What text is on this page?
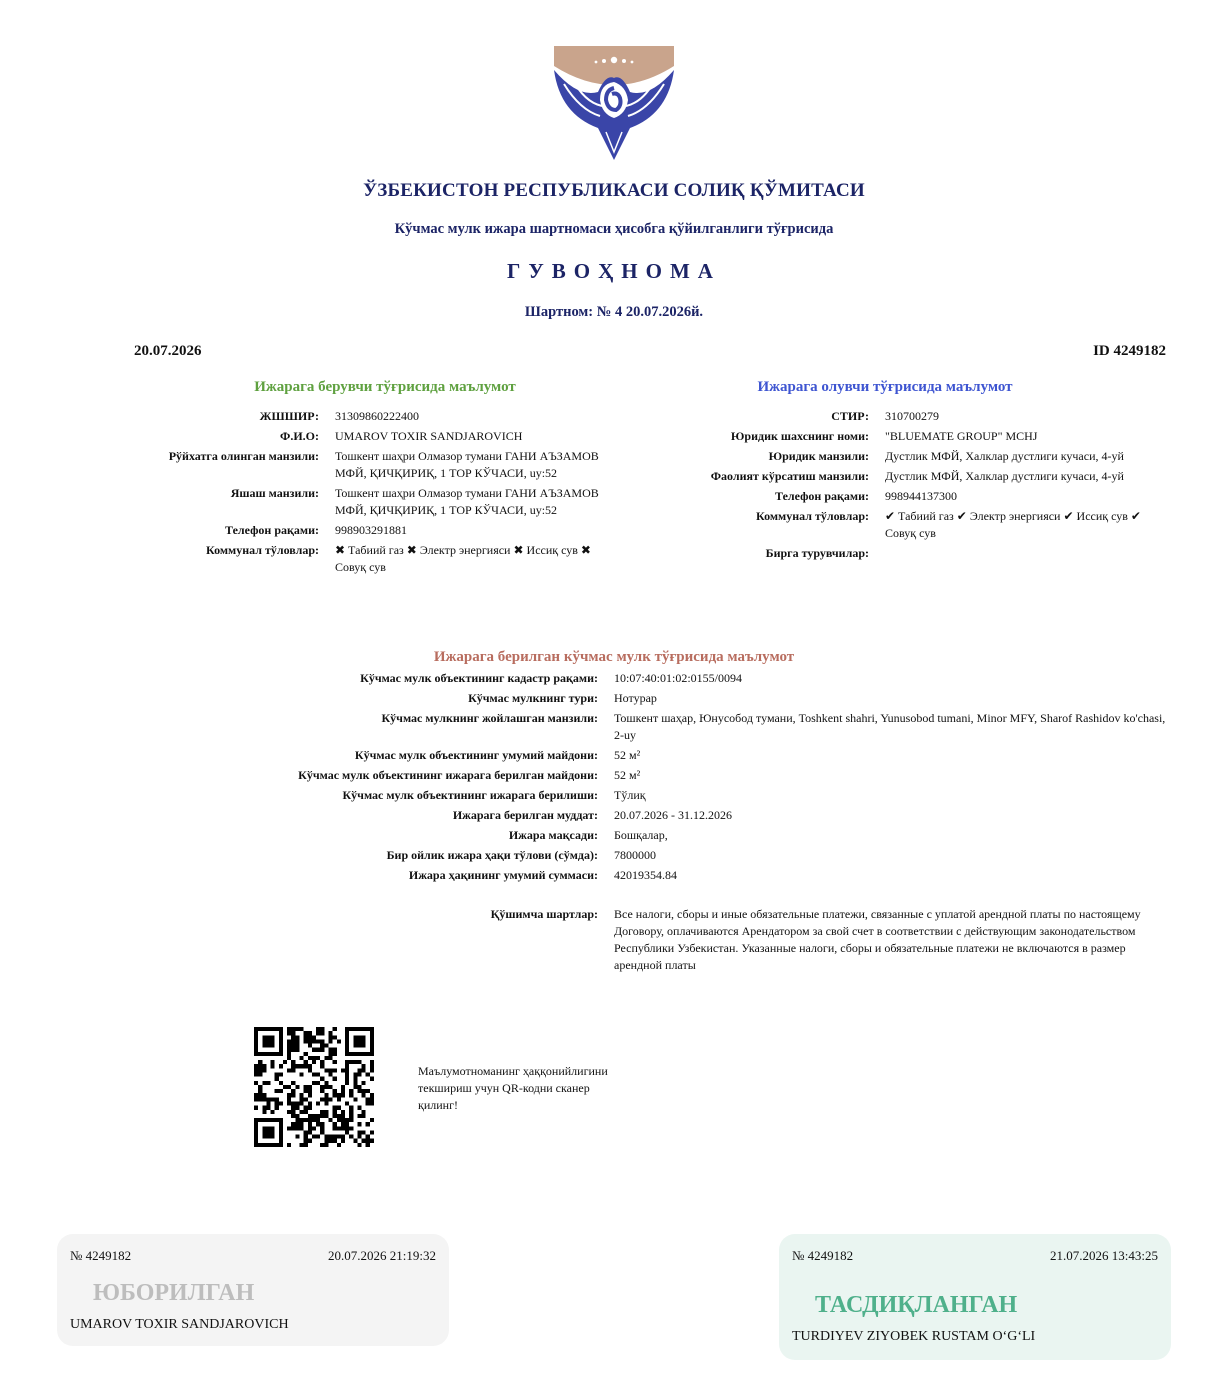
ЎЗБЕКИСТОН РЕСПУБЛИКАСИ СОЛИҚ ҚЎМИТАСИ
Кўчмас мулк ижара шартномаси ҳисобга қўйилганлиги тўғрисида
ГУВОҲНОМА
Шартном: № 4 20.07.2026й.
20.07.2026	ID 4249182
Ижарага берувчи тўғрисида маълумот
ЖШШИР: 31309860222400
Ф.И.О: UMAROV TOXIR SANDJAROVICH
Рўйхатга олинган манзили: Тошкент шаҳри Олмазор тумани ГАНИ АЪЗАМОВ МФЙ, ҚИЧҚИРИҚ, 1 ТОР КЎЧАСИ, uy:52
Яшаш манзили: Тошкент шаҳри Олмазор тумани ГАНИ АЪЗАМОВ МФЙ, ҚИЧҚИРИҚ, 1 ТОР КЎЧАСИ, uy:52
Телефон рақами: 998903291881
Коммунал тўловлар: ✖ Табиий газ ✖ Электр энергияси ✖ Иссиқ сув ✖ Совуқ сув
Ижарага олувчи тўғрисида маълумот
СТИР: 310700279
Юридик шахснинг номи: "BLUEMATE GROUP" MCHJ
Юридик манзили: Дустлик МФЙ, Халклар дустлиги кучаси, 4-уй
Фаолият кўрсатиш манзили: Дустлик МФЙ, Халклар дустлиги кучаси, 4-уй
Телефон рақами: 998944137300
Коммунал тўловлар: ✔ Табиий газ ✔ Электр энергияси ✔ Иссиқ сув ✔ Совуқ сув
Бирга турувчилар:
Ижарага берилган кўчмас мулк тўғрисида маълумот
Кўчмас мулк объектининг кадастр рақами: 10:07:40:01:02:0155/0094
Кўчмас мулкнинг тури: Нотурар
Кўчмас мулкнинг жойлашган манзили: Тошкент шаҳар, Юнусобод тумани, Toshkent shahri, Yunusobod tumani, Minor MFY, Sharof Rashidov ko'chasi, 2-uy
Кўчмас мулк объектининг умумий майдони: 52 м²
Кўчмас мулк объектининг ижарага берилган майдони: 52 м²
Кўчмас мулк объектининг ижарага берилиши: Тўлиқ
Ижарага берилган муддат: 20.07.2026 - 31.12.2026
Ижара мақсади: Бошқалар,
Бир ойлик ижара ҳақи тўлови (сўмда): 7800000
Ижара ҳақининг умумий суммаси: 42019354.84
Қўшимча шартлар: Все налоги, сборы и иные обязательные платежи, связанные с уплатой арендной платы по настоящему Договору, оплачиваются Арендатором за свой счет в соответствии с действующим законодательством Республики Узбекистан. Указанные налоги, сборы и обязательные платежи не включаются в размер арендной платы
Маълумотноманинг ҳаққонийлигини текшириш учун QR-кодни сканер қилинг!
№ 4249182	20.07.2026 21:19:32
ЮБОРИЛГАН
UMAROV TOXIR SANDJAROVICH
№ 4249182	21.07.2026 13:43:25
ТАСДИҚЛАНГАН
TURDIYEV ZIYOBEK RUSTAM O‘G‘LI
